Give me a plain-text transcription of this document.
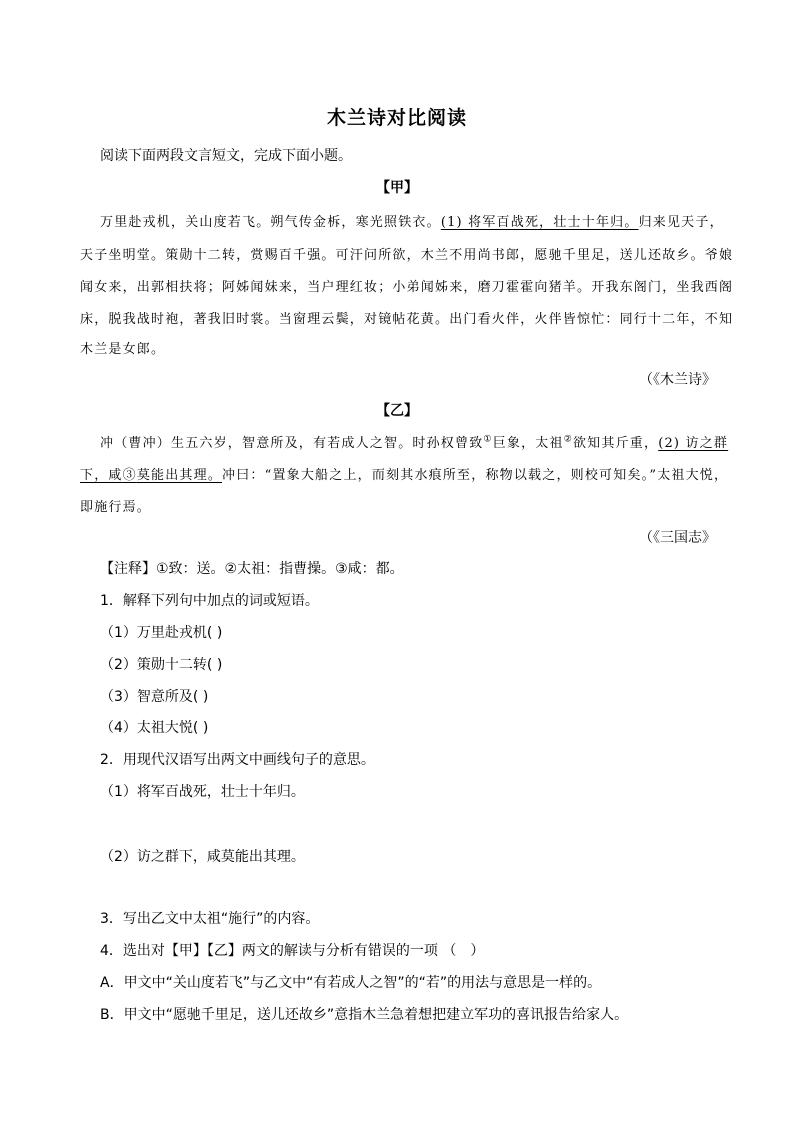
木兰诗对比阅读
阅读下面两段文言短文，完成下面小题。
【甲】
万里赴戎机，关山度若飞。朔气传金柝，寒光照铁衣。(1) 将军百战死，壮士十年归。归来见天子，
天子坐明堂。策勋十二转，赏赐百千强。可汗问所欲，木兰不用尚书郎，愿驰千里足，送儿还故乡。爷娘
闻女来，出郭相扶将；阿姊闻妹来，当户理红妆；小弟闻姊来，磨刀霍霍向猪羊。开我东阁门，坐我西阁
床，脱我战时袍，著我旧时裳。当窗理云鬓，对镜帖花黄。出门看火伴，火伴皆惊忙：同行十二年，不知
木兰是女郎。
（《木兰诗》
【乙】
冲（曹冲）生五六岁，智意所及，有若成人之智。时孙权曾致①巨象，太祖②欲知其斤重，(2) 访之群
下，咸③莫能出其理。冲曰：“置象大船之上，而刻其水痕所至，称物以载之，则校可知矣。”太祖大悦，
即施行焉。
（《三国志》
【注释】①致：送。②太祖：指曹操。③咸：都。
1．解释下列句中加点的词或短语。
（1）万里赴戎机( )
（2）策勋十二转( )
（3）智意所及( )
（4）太祖大悦( )
2．用现代汉语写出两文中画线句子的意思。
（1）将军百战死，壮士十年归。
（2）访之群下，咸莫能出其理。
3．写出乙文中太祖“施行”的内容。
4．选出对【甲】【乙】两文的解读与分析有错误的一项 （　）
A．甲文中“关山度若飞”与乙文中“有若成人之智”的“若”的用法与意思是一样的。
B．甲文中“愿驰千里足，送儿还故乡”意指木兰急着想把建立军功的喜讯报告给家人。
